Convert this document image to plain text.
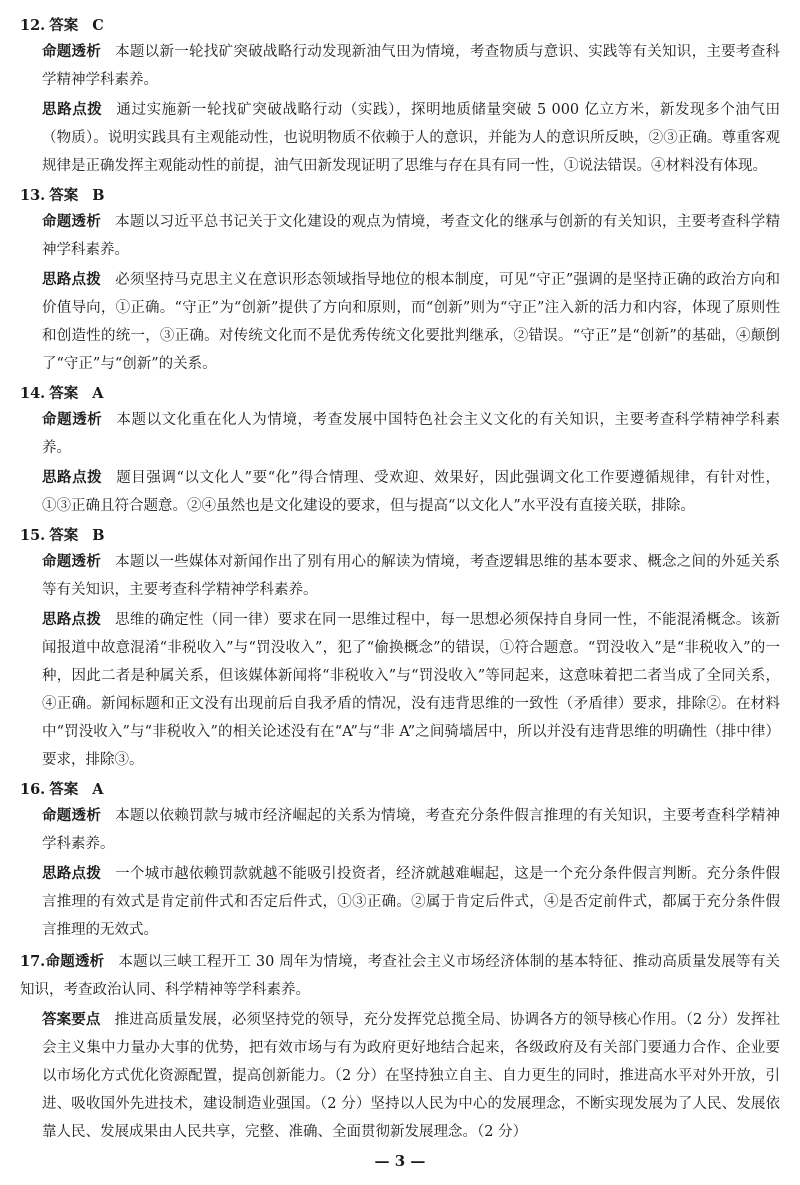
12. 答案 C

命题透析 本题以新一轮找矿突破战略行动发现新油气田为情境，考查物质与意识、实践等有关知识，主要考查科学精神学科素养。

思路点拨 通过实施新一轮找矿突破战略行动（实践），探明地质储量突破 5 000 亿立方米，新发现多个油气田（物质）。说明实践具有主观能动性，也说明物质不依赖于人的意识，并能为人的意识所反映，②③正确。尊重客观规律是正确发挥主观能动性的前提，油气田新发现证明了思维与存在具有同一性，①说法错误。④材料没有体现。

13. 答案 B

命题透析 本题以习近平总书记关于文化建设的观点为情境，考查文化的继承与创新的有关知识，主要考查科学精神学科素养。

思路点拨 必须坚持马克思主义在意识形态领域指导地位的根本制度，可见“守正”强调的是坚持正确的政治方向和价值导向，①正确。“守正”为“创新”提供了方向和原则，而“创新”则为“守正”注入新的活力和内容，体现了原则性和创造性的统一，③正确。对传统文化而不是优秀传统文化要批判继承，②错误。“守正”是“创新”的基础，④颠倒了“守正”与“创新”的关系。

14. 答案 A

命题透析 本题以文化重在化人为情境，考查发展中国特色社会主义文化的有关知识，主要考查科学精神学科素养。

思路点拨 题目强调“以文化人”要“化”得合情理、受欢迎、效果好，因此强调文化工作要遵循规律，有针对性，①③正确且符合题意。②④虽然也是文化建设的要求，但与提高“以文化人”水平没有直接关联，排除。

15. 答案 B

命题透析 本题以一些媒体对新闻作出了别有用心的解读为情境，考查逻辑思维的基本要求、概念之间的外延关系等有关知识，主要考查科学精神学科素养。

思路点拨 思维的确定性（同一律）要求在同一思维过程中，每一思想必须保持自身同一性，不能混淆概念。该新闻报道中故意混淆“非税收入”与“罚没收入”，犯了“偷换概念”的错误，①符合题意。“罚没收入”是“非税收入”的一种，因此二者是种属关系，但该媒体新闻将“非税收入”与“罚没收入”等同起来，这意味着把二者当成了全同关系，④正确。新闻标题和正文没有出现前后自我矛盾的情况，没有违背思维的一致性（矛盾律）要求，排除②。在材料中“罚没收入”与“非税收入”的相关论述没有在“A”与“非 A”之间骑墙居中，所以并没有违背思维的明确性（排中律）要求，排除③。

16. 答案 A

命题透析 本题以依赖罚款与城市经济崛起的关系为情境，考查充分条件假言推理的有关知识，主要考查科学精神学科素养。

思路点拨 一个城市越依赖罚款就越不能吸引投资者，经济就越难崛起，这是一个充分条件假言判断。充分条件假言推理的有效式是肯定前件式和否定后件式，①③正确。②属于肯定后件式，④是否定前件式，都属于充分条件假言推理的无效式。

17.命题透析 本题以三峡工程开工 30 周年为情境，考查社会主义市场经济体制的基本特征、推动高质量发展等有关知识，考查政治认同、科学精神等学科素养。

答案要点 推进高质量发展，必须坚持党的领导，充分发挥党总揽全局、协调各方的领导核心作用。（2 分）发挥社会主义集中力量办大事的优势，把有效市场与有为政府更好地结合起来，各级政府及有关部门要通力合作、企业要以市场化方式优化资源配置，提高创新能力。（2 分）在坚持独立自主、自力更生的同时，推进高水平对外开放，引进、吸收国外先进技术，建设制造业强国。（2 分）坚持以人民为中心的发展理念，不断实现发展为了人民、发展依靠人民、发展成果由人民共享，完整、准确、全面贯彻新发展理念。（2 分）

— 3 —
